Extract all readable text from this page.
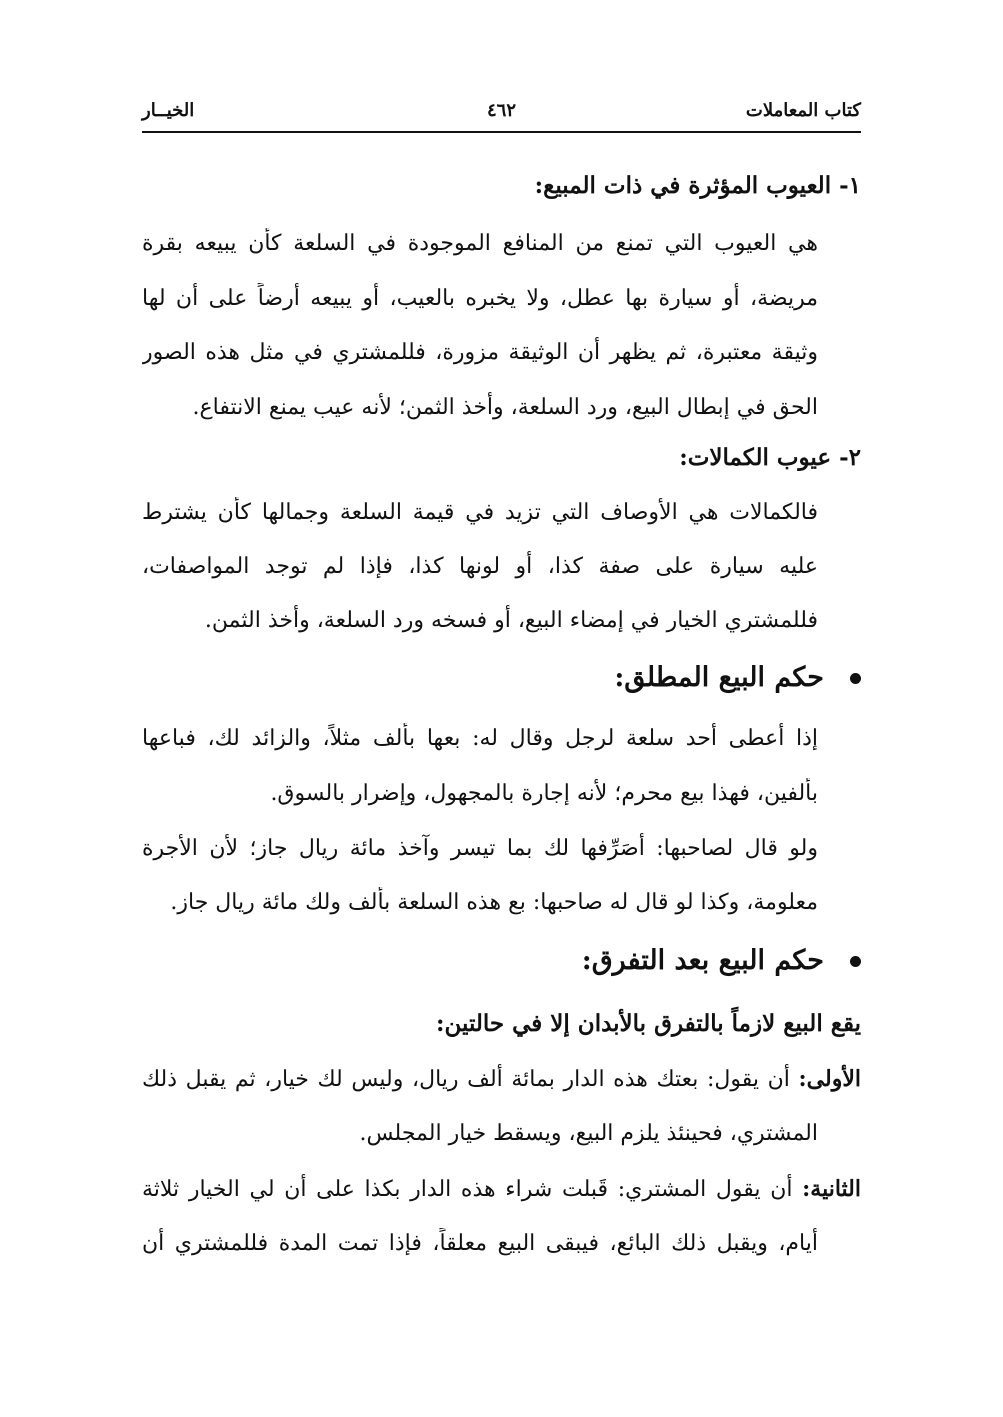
كتاب المعاملات
٤٦٢
الخيــار
١- العيوب المؤثرة في ذات المبيع:
هي العيوب التي تمنع من المنافع الموجودة في السلعة كأن يبيعه بقرة
مريضة، أو سيارة بها عطل، ولا يخبره بالعيب، أو يبيعه أرضاً على أن لها
وثيقة معتبرة، ثم يظهر أن الوثيقة مزورة، فللمشتري في مثل هذه الصور
الحق في إبطال البيع، ورد السلعة، وأخذ الثمن؛ لأنه عيب يمنع الانتفاع.
٢- عيوب الكمالات:
فالكمالات هي الأوصاف التي تزيد في قيمة السلعة وجمالها كأن يشترط
عليه سيارة على صفة كذا، أو لونها كذا، فإذا لم توجد المواصفات،
فللمشتري الخيار في إمضاء البيع، أو فسخه ورد السلعة، وأخذ الثمن.
حكم البيع المطلق:
إذا أعطى أحد سلعة لرجل وقال له: بعها بألف مثلاً، والزائد لك، فباعها
بألفين، فهذا بيع محرم؛ لأنه إجارة بالمجهول، وإضرار بالسوق.
ولو قال لصاحبها: أُصَرِّفها لك بما تيسر وآخذ مائة ريال جاز؛ لأن الأجرة
معلومة، وكذا لو قال له صاحبها: بع هذه السلعة بألف ولك مائة ريال جاز.
حكم البيع بعد التفرق:
يقع البيع لازماً بالتفرق بالأبدان إلا في حالتين:
الأولى: أن يقول: بعتك هذه الدار بمائة ألف ريال، وليس لك خيار، ثم يقبل ذلك
المشتري، فحينئذ يلزم البيع، ويسقط خيار المجلس.
الثانية: أن يقول المشتري: قَبلت شراء هذه الدار بكذا على أن لي الخيار ثلاثة
أيام، ويقبل ذلك البائع، فيبقى البيع معلقاً، فإذا تمت المدة فللمشتري أن
